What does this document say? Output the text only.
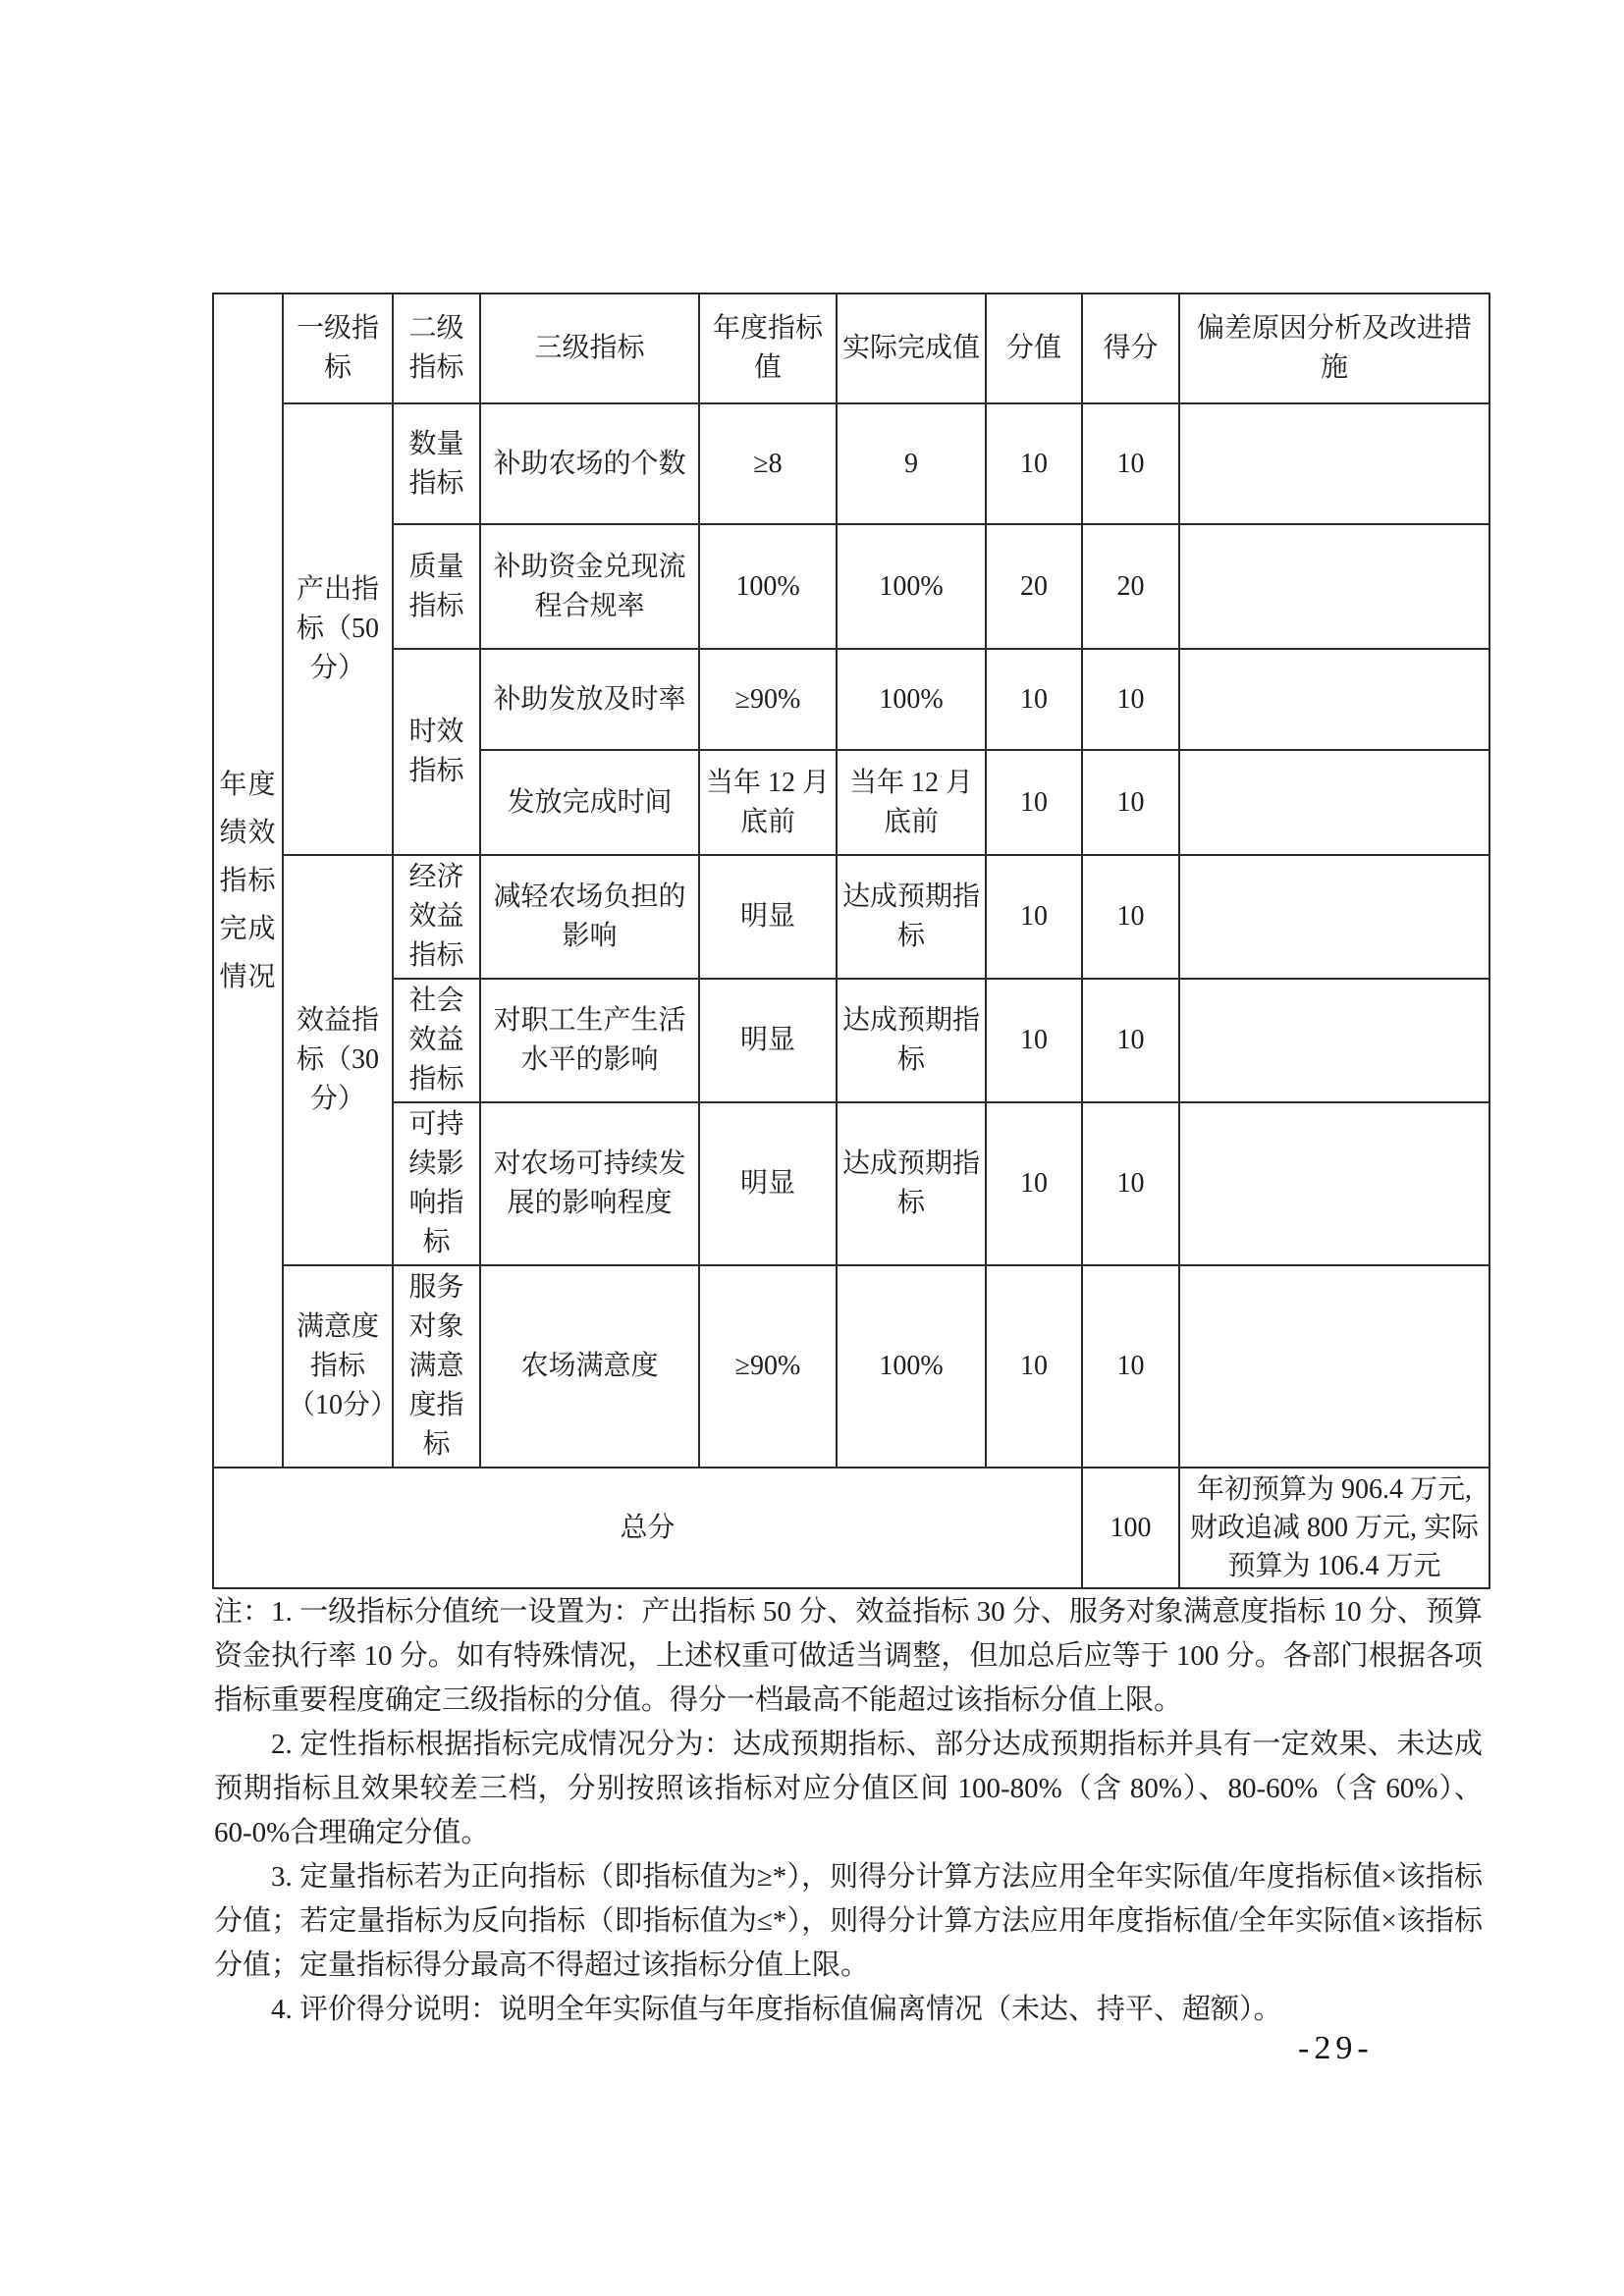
年度绩效指标完成情况	一级指标	二级指标	三级指标	年度指标值	实际完成值	分值	得分	偏差原因分析及改进措施
	产出指标（50分）	数量指标	补助农场的个数	≥8	9	10	10	
		质量指标	补助资金兑现流程合规率	100%	100%	20	20	
		时效指标	补助发放及时率	≥90%	100%	10	10	
			发放完成时间	当年 12 月底前	当年 12 月底前	10	10	
	效益指标（30分）	经济效益指标	减轻农场负担的影响	明显	达成预期指标	10	10	
		社会效益指标	对职工生产生活水平的影响	明显	达成预期指标	10	10	
		可持续影响指标	对农场可持续发展的影响程度	明显	达成预期指标	10	10	
	满意度指标（10分）	服务对象满意度指标	农场满意度	≥90%	100%	10	10	
总分							100	年初预算为 906.4 万元, 财政追减 800 万元, 实际预算为 106.4 万元

注：1. 一级指标分值统一设置为：产出指标 50 分、效益指标 30 分、服务对象满意度指标 10 分、预算资金执行率 10 分。如有特殊情况，上述权重可做适当调整，但加总后应等于 100 分。各部门根据各项指标重要程度确定三级指标的分值。得分一档最高不能超过该指标分值上限。

2. 定性指标根据指标完成情况分为：达成预期指标、部分达成预期指标并具有一定效果、未达成预期指标且效果较差三档，分别按照该指标对应分值区间 100-80%（含 80%）、80-60%（含 60%）、60-0%合理确定分值。

3. 定量指标若为正向指标（即指标值为≥*），则得分计算方法应用全年实际值/年度指标值×该指标分值；若定量指标为反向指标（即指标值为≤*），则得分计算方法应用年度指标值/全年实际值×该指标分值；定量指标得分最高不得超过该指标分值上限。

4. 评价得分说明：说明全年实际值与年度指标值偏离情况（未达、持平、超额）。

-29-
